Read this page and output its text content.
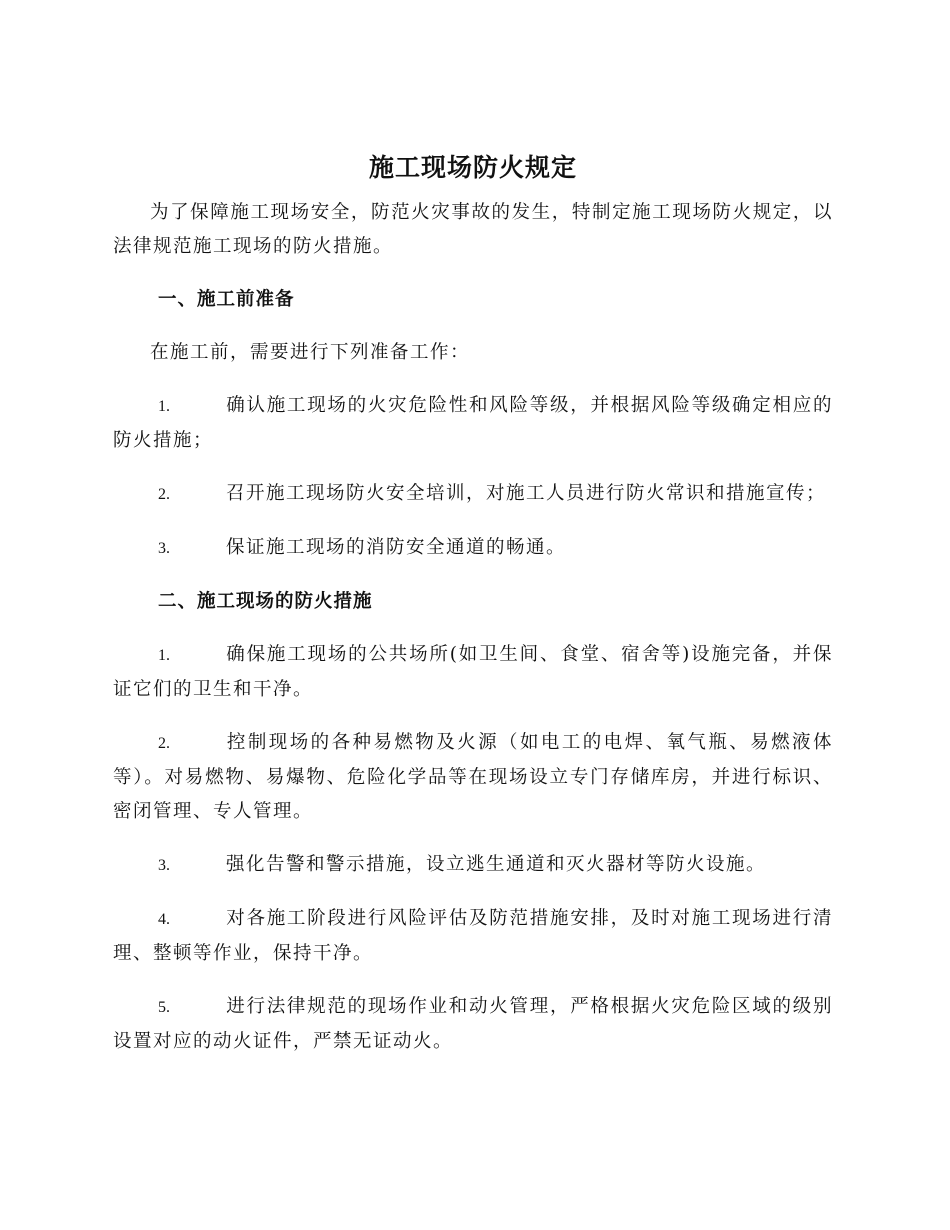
施工现场防火规定

为了保障施工现场安全，防范火灾事故的发生，特制定施工现场防火规定，以法律规范施工现场的防火措施。

一、施工前准备

在施工前，需要进行下列准备工作：

1.	确认施工现场的火灾危险性和风险等级，并根据风险等级确定相应的防火措施；

2.	召开施工现场防火安全培训，对施工人员进行防火常识和措施宣传；

3.	保证施工现场的消防安全通道的畅通。

二、施工现场的防火措施

1.	确保施工现场的公共场所(如卫生间、食堂、宿舍等)设施完备，并保证它们的卫生和干净。

2.	控制现场的各种易燃物及火源（如电工的电焊、氧气瓶、易燃液体等）。对易燃物、易爆物、危险化学品等在现场设立专门存储库房，并进行标识、密闭管理、专人管理。

3.	强化告警和警示措施，设立逃生通道和灭火器材等防火设施。

4.	对各施工阶段进行风险评估及防范措施安排，及时对施工现场进行清理、整顿等作业，保持干净。

5.	进行法律规范的现场作业和动火管理，严格根据火灾危险区域的级别设置对应的动火证件，严禁无证动火。
